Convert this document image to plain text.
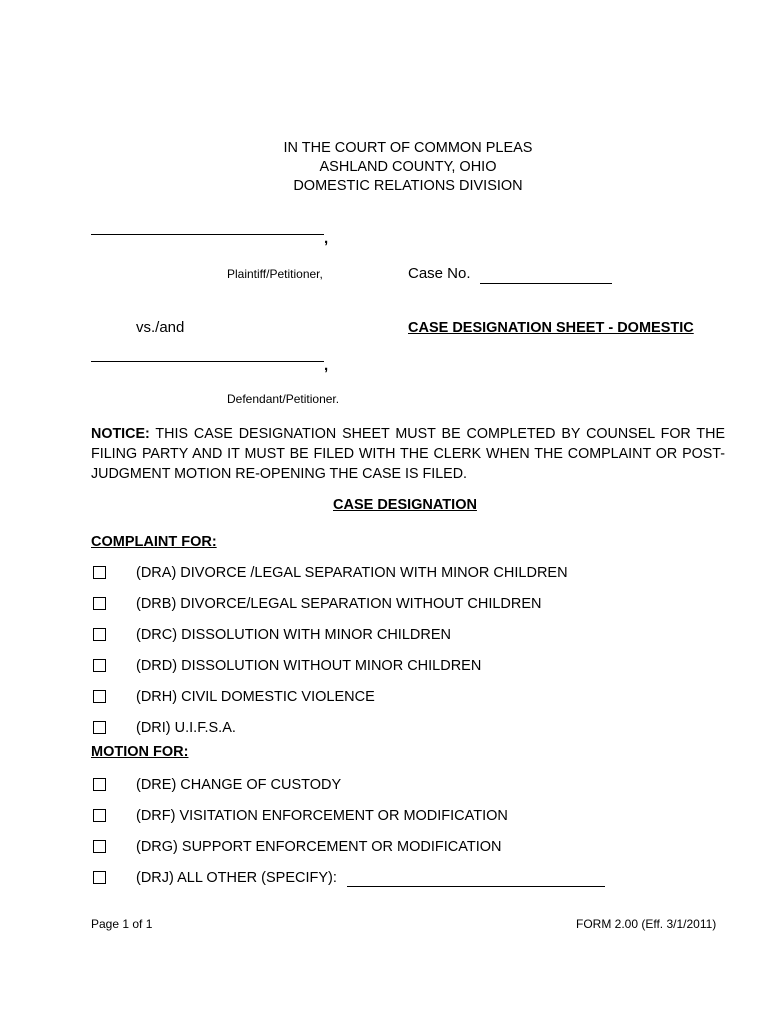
IN THE COURT OF COMMON PLEAS
ASHLAND COUNTY, OHIO
DOMESTIC RELATIONS DIVISION
,
Plaintiff/Petitioner,	Case No.
vs./and	CASE DESIGNATION SHEET - DOMESTIC
,
Defendant/Petitioner.

NOTICE: THIS CASE DESIGNATION SHEET MUST BE COMPLETED BY COUNSEL FOR THE FILING PARTY AND IT MUST BE FILED WITH THE CLERK WHEN THE COMPLAINT OR POST-JUDGMENT MOTION RE-OPENING THE CASE IS FILED.

CASE DESIGNATION
COMPLAINT FOR:
(DRA) DIVORCE /LEGAL SEPARATION WITH MINOR CHILDREN
(DRB) DIVORCE/LEGAL SEPARATION WITHOUT CHILDREN
(DRC) DISSOLUTION WITH MINOR CHILDREN
(DRD) DISSOLUTION WITHOUT MINOR CHILDREN
(DRH) CIVIL DOMESTIC VIOLENCE
(DRI) U.I.F.S.A.
MOTION FOR:
(DRE) CHANGE OF CUSTODY
(DRF) VISITATION ENFORCEMENT OR MODIFICATION
(DRG) SUPPORT ENFORCEMENT OR MODIFICATION
(DRJ) ALL OTHER (SPECIFY):
Page 1 of 1	FORM 2.00 (Eff. 3/1/2011)
